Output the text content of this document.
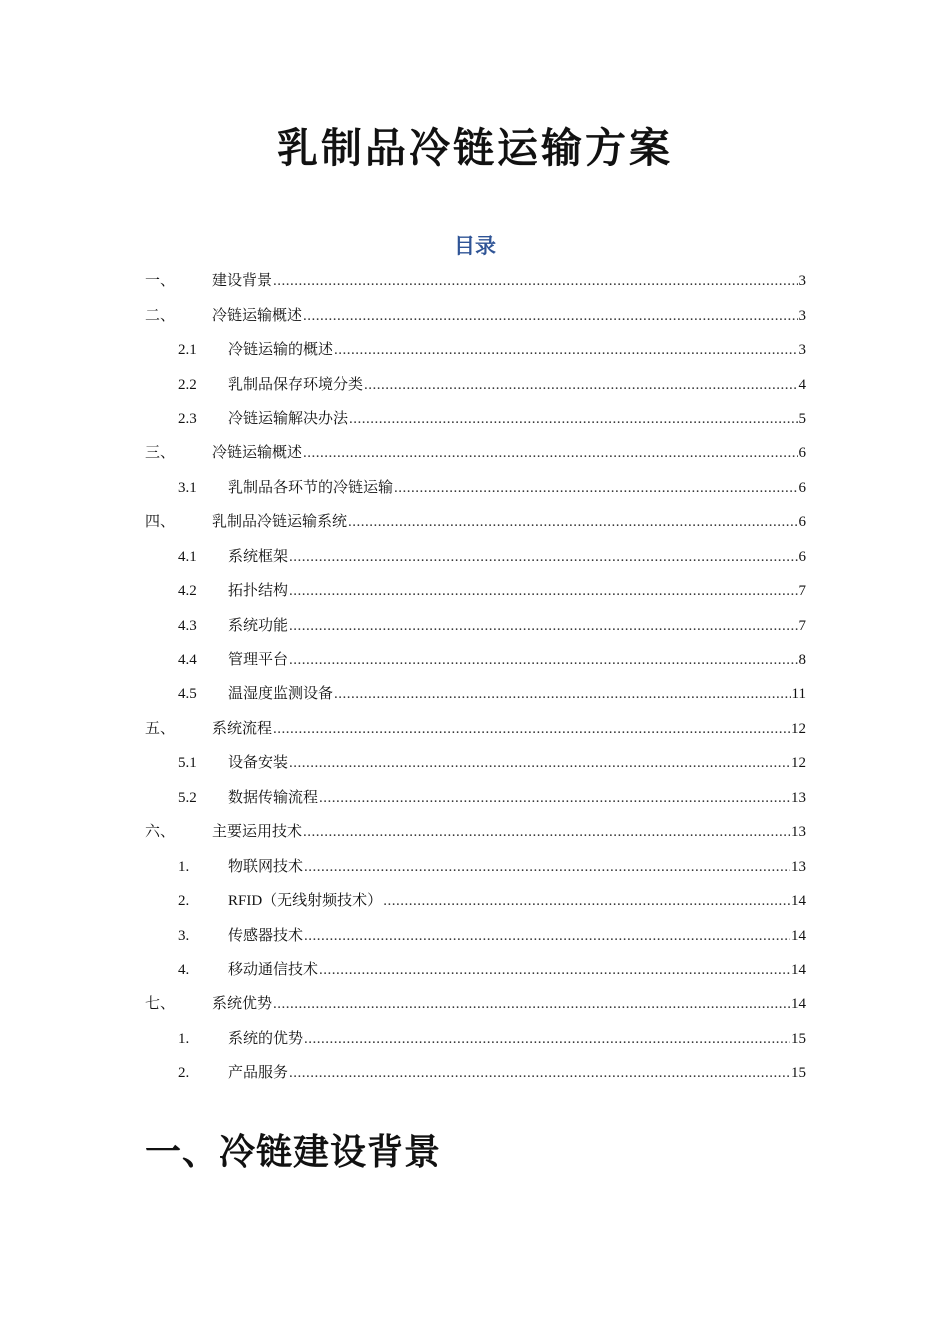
乳制品冷链运输方案
目录
一、	建设背景 .....	3
二、	冷链运输概述 .....	3
2.1	冷链运输的概述 .....	3
2.2	乳制品保存环境分类 .....	4
2.3	冷链运输解决办法 .....	5
三、	冷链运输概述 .....	6
3.1	乳制品各环节的冷链运输 .....	6
四、	乳制品冷链运输系统 .....	6
4.1	系统框架 .....	6
4.2	拓扑结构 .....	7
4.3	系统功能 .....	7
4.4	管理平台 .....	8
4.5	温湿度监测设备 .....	11
五、	系统流程 .....	12
5.1	设备安装 .....	12
5.2	数据传输流程 .....	13
六、	主要运用技术 .....	13
1.	物联网技术 .....	13
2.	RFID（无线射频技术） .....	14
3.	传感器技术 .....	14
4.	移动通信技术 .....	14
七、	系统优势 .....	14
1.	系统的优势 .....	15
2.	产品服务 .....	15
一、冷链建设背景
